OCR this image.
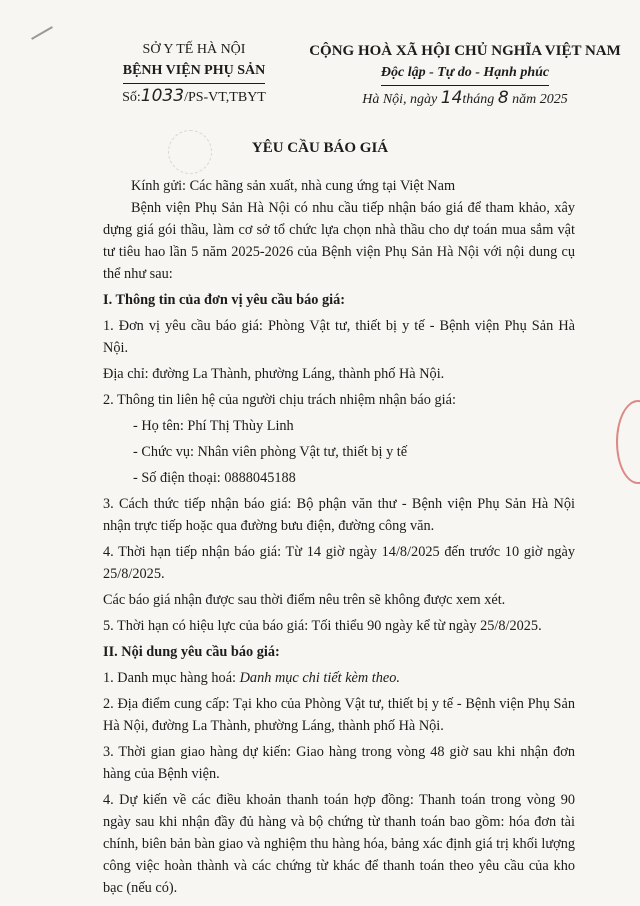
SỞ Y TẾ HÀ NỘI
BỆNH VIỆN PHỤ SẢN
Số:1033/PS-VT,TBYT
CỘNG HOÀ XÃ HỘI CHỦ NGHĨA VIỆT NAM
Độc lập - Tự do - Hạnh phúc
Hà Nội, ngày 14tháng 8 năm 2025
YÊU CẦU BÁO GIÁ

Kính gửi: Các hãng sản xuất, nhà cung ứng tại Việt Nam

Bệnh viện Phụ Sản Hà Nội có nhu cầu tiếp nhận báo giá để tham khảo, xây dựng giá gói thầu, làm cơ sở tổ chức lựa chọn nhà thầu cho dự toán mua sắm vật tư tiêu hao lần 5 năm 2025-2026 của Bệnh viện Phụ Sản Hà Nội với nội dung cụ thể như sau:

I. Thông tin của đơn vị yêu cầu báo giá:

1. Đơn vị yêu cầu báo giá: Phòng Vật tư, thiết bị y tế - Bệnh viện Phụ Sản Hà Nội.

Địa chỉ: đường La Thành, phường Láng, thành phố Hà Nội.

2. Thông tin liên hệ của người chịu trách nhiệm nhận báo giá:

- Họ tên: Phí Thị Thùy Linh

- Chức vụ: Nhân viên phòng Vật tư, thiết bị y tế

- Số điện thoại: 0888045188

3. Cách thức tiếp nhận báo giá: Bộ phận văn thư - Bệnh viện Phụ Sản Hà Nội nhận trực tiếp hoặc qua đường bưu điện, đường công văn.

4. Thời hạn tiếp nhận báo giá: Từ 14 giờ ngày 14/8/2025 đến trước 10 giờ ngày 25/8/2025.

Các báo giá nhận được sau thời điểm nêu trên sẽ không được xem xét.

5. Thời hạn có hiệu lực của báo giá: Tối thiểu 90 ngày kể từ ngày 25/8/2025.

II. Nội dung yêu cầu báo giá:

1. Danh mục hàng hoá: Danh mục chi tiết kèm theo.

2. Địa điểm cung cấp: Tại kho của Phòng Vật tư, thiết bị y tế - Bệnh viện Phụ Sản Hà Nội, đường La Thành, phường Láng, thành phố Hà Nội.

3. Thời gian giao hàng dự kiến: Giao hàng trong vòng 48 giờ sau khi nhận đơn hàng của Bệnh viện.

4. Dự kiến về các điều khoản thanh toán hợp đồng: Thanh toán trong vòng 90 ngày sau khi nhận đầy đủ hàng và bộ chứng từ thanh toán bao gồm: hóa đơn tài chính, biên bản bàn giao và nghiệm thu hàng hóa, bảng xác định giá trị khối lượng công việc hoàn thành và các chứng từ khác để thanh toán theo yêu cầu của kho bạc (nếu có).
